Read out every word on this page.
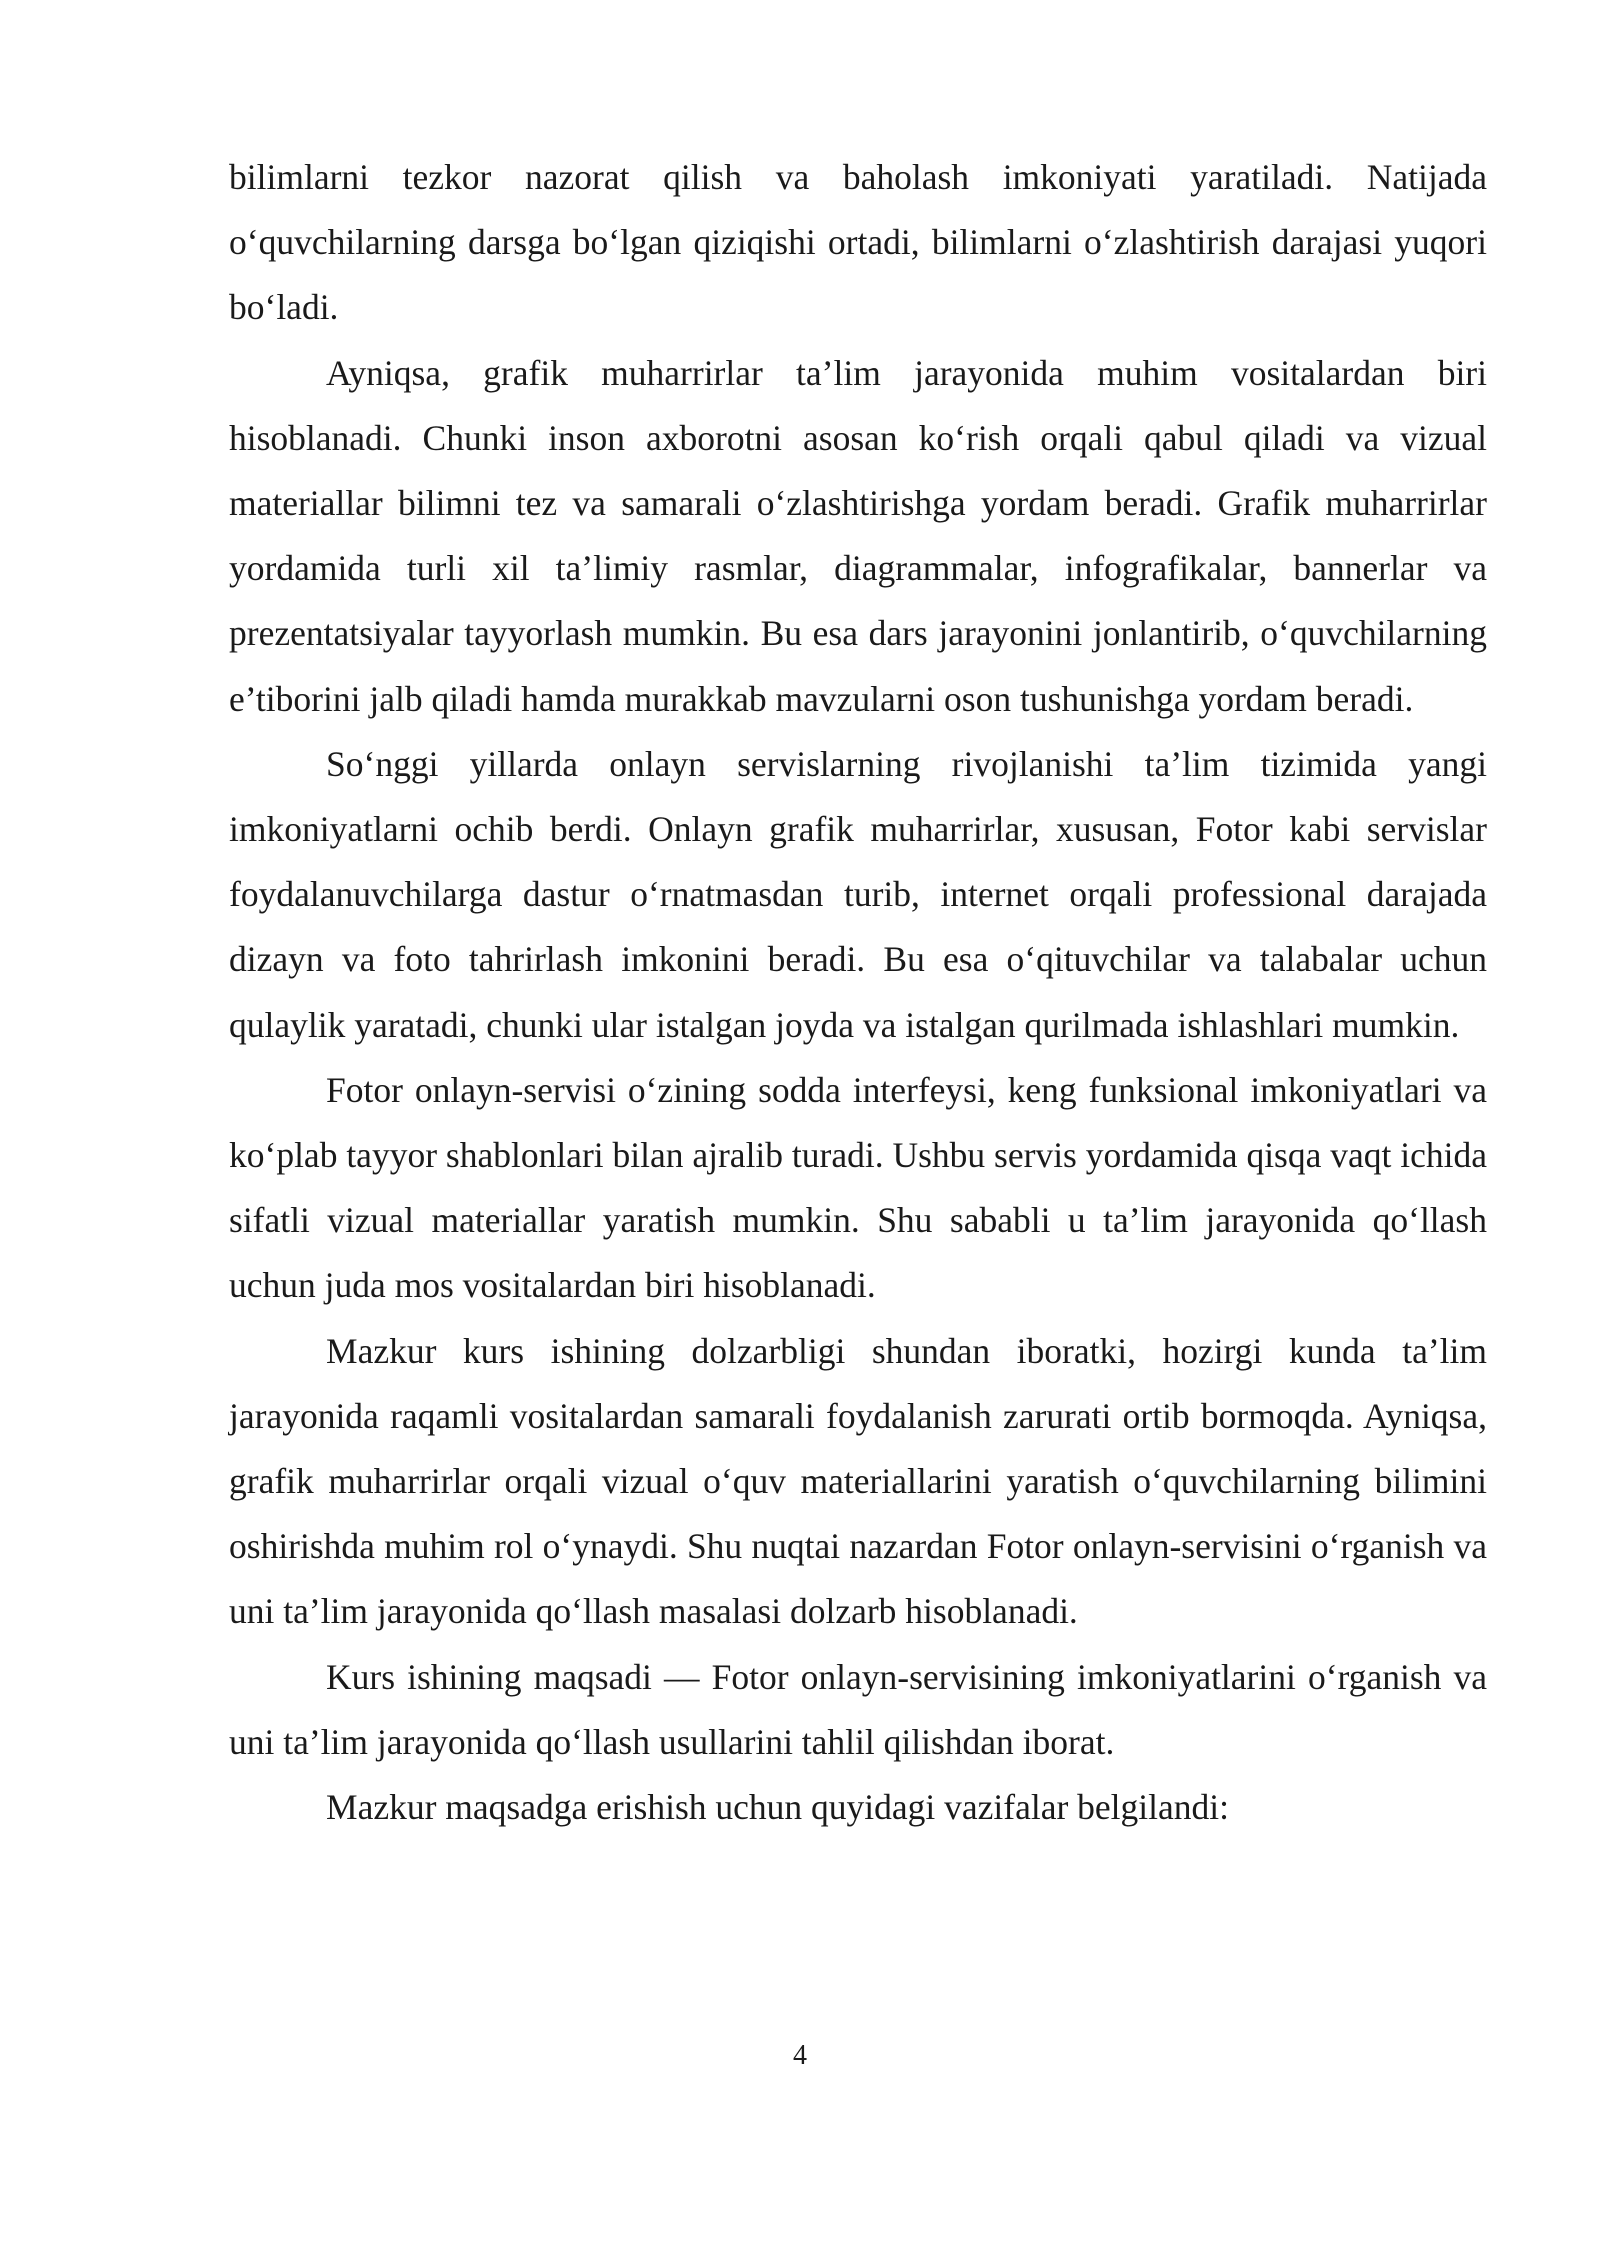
bilimlarni tezkor nazorat qilish va baholash imkoniyati yaratiladi. Natijada o‘quvchilarning darsga bo‘lgan qiziqishi ortadi, bilimlarni o‘zlashtirish darajasi yuqori bo‘ladi.

Ayniqsa, grafik muharrirlar ta’lim jarayonida muhim vositalardan biri hisoblanadi. Chunki inson axborotni asosan ko‘rish orqali qabul qiladi va vizual materiallar bilimni tez va samarali o‘zlashtirishga yordam beradi. Grafik muharrirlar yordamida turli xil ta’limiy rasmlar, diagrammalar, infografikalar, bannerlar va prezentatsiyalar tayyorlash mumkin. Bu esa dars jarayonini jonlantirib, o‘quvchilarning e’tiborini jalb qiladi hamda murakkab mavzularni oson tushunishga yordam beradi.

So‘nggi yillarda onlayn servislarning rivojlanishi ta’lim tizimida yangi imkoniyatlarni ochib berdi. Onlayn grafik muharrirlar, xususan, Fotor kabi servislar foydalanuvchilarga dastur o‘rnatmasdan turib, internet orqali professional darajada dizayn va foto tahrirlash imkonini beradi. Bu esa o‘qituvchilar va talabalar uchun qulaylik yaratadi, chunki ular istalgan joyda va istalgan qurilmada ishlashlari mumkin.

Fotor onlayn-servisi o‘zining sodda interfeysi, keng funksional imkoniyatlari va ko‘plab tayyor shablonlari bilan ajralib turadi. Ushbu servis yordamida qisqa vaqt ichida sifatli vizual materiallar yaratish mumkin. Shu sababli u ta’lim jarayonida qo‘llash uchun juda mos vositalardan biri hisoblanadi.

Mazkur kurs ishining dolzarbligi shundan iboratki, hozirgi kunda ta’lim jarayonida raqamli vositalardan samarali foydalanish zarurati ortib bormoqda. Ayniqsa, grafik muharrirlar orqali vizual o‘quv materiallarini yaratish o‘quvchilarning bilimini oshirishda muhim rol o‘ynaydi. Shu nuqtai nazardan Fotor onlayn-servisini o‘rganish va uni ta’lim jarayonida qo‘llash masalasi dolzarb hisoblanadi.

Kurs ishining maqsadi — Fotor onlayn-servisining imkoniyatlarini o‘rganish va uni ta’lim jarayonida qo‘llash usullarini tahlil qilishdan iborat.

Mazkur maqsadga erishish uchun quyidagi vazifalar belgilandi:

4
